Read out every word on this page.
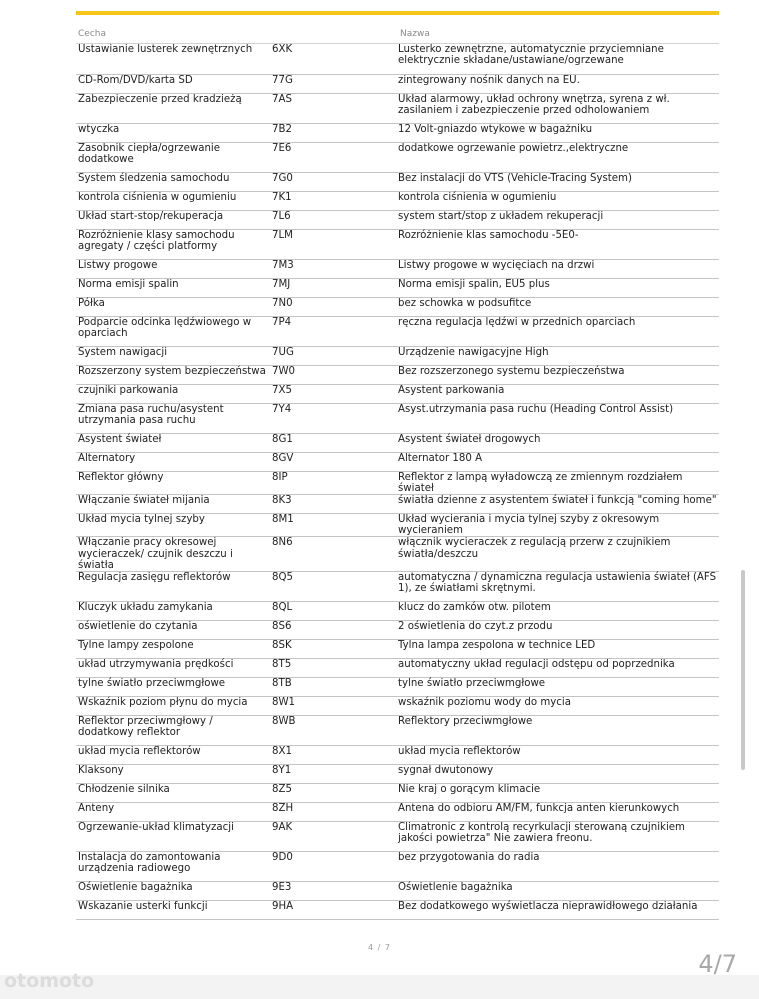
Cecha	Nazwa
Ustawianie lusterek zewnętrznych	6XK	Lusterko zewnętrzne, automatycznie przyciemniane elektrycznie składane/ustawiane/ogrzewane
CD-Rom/DVD/karta SD	77G	zintegrowany nośnik danych na EU.
Zabezpieczenie przed kradzieżą	7AS	Układ alarmowy, układ ochrony wnętrza, syrena z wł. zasilaniem i zabezpieczenie przed odholowaniem
wtyczka	7B2	12 Volt-gniazdo wtykowe w bagażniku
Zasobnik ciepła/ogrzewanie dodatkowe	7E6	dodatkowe ogrzewanie powietrz.,elektryczne
System śledzenia samochodu	7G0	Bez instalacji do VTS (Vehicle-Tracing System)
kontrola ciśnienia w ogumieniu	7K1	kontrola ciśnienia w ogumieniu
Układ start-stop/rekuperacja	7L6	system start/stop z układem rekuperacji
Rozróżnienie klasy samochodu agregaty / części platformy	7LM	Rozróżnienie klas samochodu -5E0-
Listwy progowe	7M3	Listwy progowe w wycięciach na drzwi
Norma emisji spalin	7MJ	Norma emisji spalin, EU5 plus
Półka	7N0	bez schowka w podsufitce
Podparcie odcinka lędźwiowego w oparciach	7P4	ręczna regulacja lędźwi w przednich oparciach
System nawigacji	7UG	Urządzenie nawigacyjne High
Rozszerzony system bezpieczeństwa	7W0	Bez rozszerzonego systemu bezpieczeństwa
czujniki parkowania	7X5	Asystent parkowania
Zmiana pasa ruchu/asystent utrzymania pasa ruchu	7Y4	Asyst.utrzymania pasa ruchu (Heading Control Assist)
Asystent świateł	8G1	Asystent świateł drogowych
Alternatory	8GV	Alternator 180 A
Reflektor główny	8IP	Reflektor z lampą wyładowczą ze zmiennym rozdziałem świateł
Włączanie świateł mijania	8K3	światła dzienne z asystentem świateł i funkcją "coming home"
Układ mycia tylnej szyby	8M1	Układ wycierania i mycia tylnej szyby z okresowym wycieraniem
Włączanie pracy okresowej wycieraczek/ czujnik deszczu i światła	8N6	włącznik wycieraczek z regulacją przerw z czujnikiem światła/deszczu
Regulacja zasięgu reflektorów	8Q5	automatyczna / dynamiczna regulacja ustawienia świateł (AFS 1), ze światłami skrętnymi.
Kluczyk układu zamykania	8QL	klucz do zamków otw. pilotem
oświetlenie do czytania	8S6	2 oświetlenia do czyt.z przodu
Tylne lampy zespolone	8SK	Tylna lampa zespolona w technice LED
układ utrzymywania prędkości	8T5	automatyczny układ regulacji odstępu od poprzednika
tylne światło przeciwmgłowe	8TB	tylne światło przeciwmgłowe
Wskaźnik poziom płynu do mycia	8W1	wskaźnik poziomu wody do mycia
Reflektor przeciwmgłowy / dodatkowy reflektor	8WB	Reflektory przeciwmgłowe
układ mycia reflektorów	8X1	układ mycia reflektorów
Klaksony	8Y1	sygnał dwutonowy
Chłodzenie silnika	8Z5	Nie kraj o gorącym klimacie
Anteny	8ZH	Antena do odbioru AM/FM, funkcja anten kierunkowych
Ogrzewanie-układ klimatyzacji	9AK	Climatronic z kontrolą recyrkulacji sterowaną czujnikiem jakości powietrza" Nie zawiera freonu.
Instalacja do zamontowania urządzenia radiowego	9D0	bez przygotowania do radia
Oświetlenie bagażnika	9E3	Oświetlenie bagażnika
Wskazanie usterki funkcji	9HA	Bez dodatkowego wyświetlacza nieprawidłowego działania
4 / 7
otomoto
4/7
